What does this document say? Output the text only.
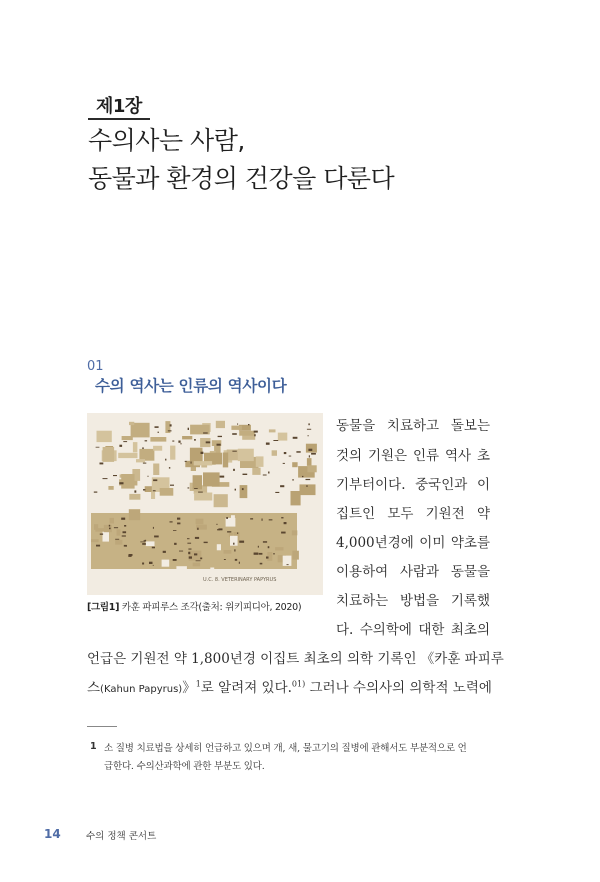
제1장
수의사는 사람,
동물과 환경의 건강을 다룬다
01
수의 역사는 인류의 역사이다
U.C. 8. VETERINARY PAPYRUS
[그림1] 카훈 파피루스 조각(출처: 위키피디아, 2020)
동물을 치료하고 돌보는
것의 기원은 인류 역사 초
기부터이다. 중국인과 이
집트인 모두 기원전 약
4,000년경에 이미 약초를
이용하여 사람과 동물을
치료하는 방법을 기록했
다. 수의학에 대한 최초의
언급은 기원전 약 1,800년경 이집트 최초의 의학 기록인 《카훈 파피루
스(Kahun Papyrus)》$^1$로 알려져 있다.$^{01)}$ 그러나 수의사의 의학적 노력에
1 소 질병 치료법을 상세히 언급하고 있으며 개, 새, 물고기의 질병에 관해서도 부분적으로 언
급한다. 수의산과학에 관한 부분도 있다.
14	수의 정책 콘서트
